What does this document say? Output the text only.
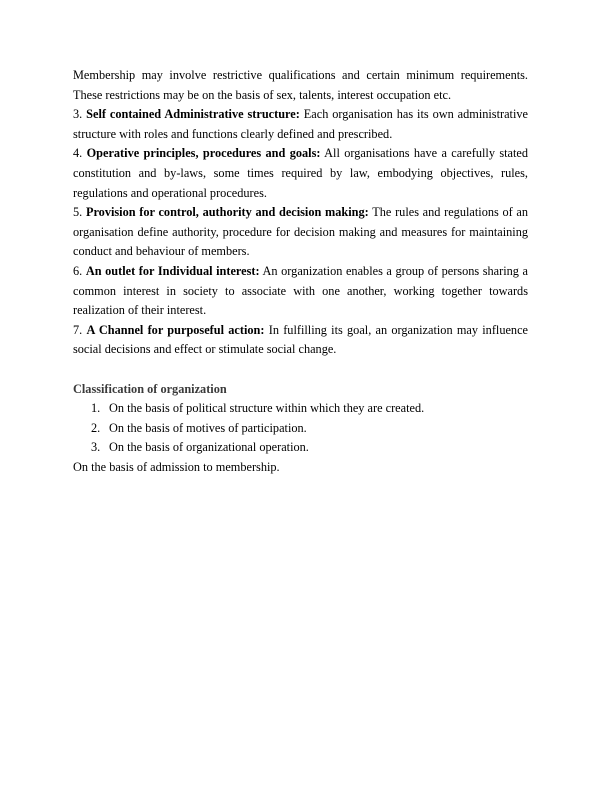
Membership may involve restrictive qualifications and certain minimum requirements. These restrictions may be on the basis of sex, talents, interest occupation etc.

3. Self contained Administrative structure: Each organisation has its own administrative structure with roles and functions clearly defined and prescribed.

4. Operative principles, procedures and goals: All organisations have a carefully stated constitution and by-laws, some times required by law, embodying objectives, rules, regulations and operational procedures.

5. Provision for control, authority and decision making: The rules and regulations of an organisation define authority, procedure for decision making and measures for maintaining conduct and behaviour of members.

6. An outlet for Individual interest: An organization enables a group of persons sharing a common interest in society to associate with one another, working together towards realization of their interest.

7. A Channel for purposeful action: In fulfilling its goal, an organization may influence social decisions and effect or stimulate social change.

Classification of organization

1. On the basis of political structure within which they are created.
2. On the basis of motives of participation.
3. On the basis of organizational operation.

On the basis of admission to membership.
